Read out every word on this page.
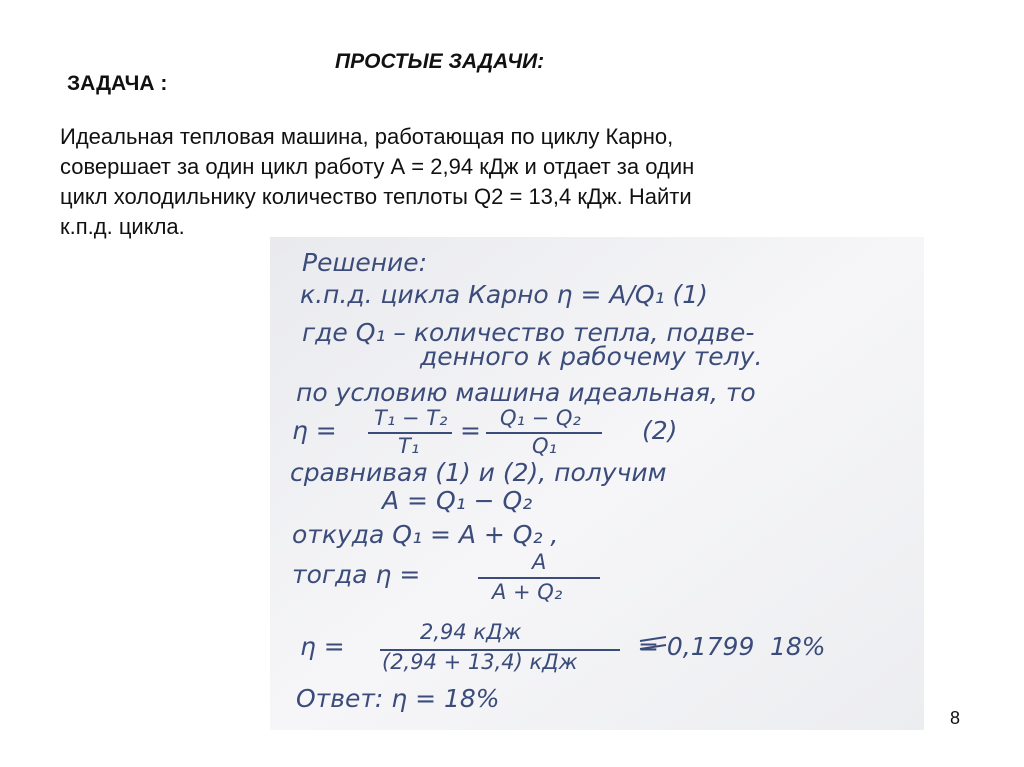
ПРОСТЫЕ ЗАДАЧИ:
ЗАДАЧА :
Идеальная тепловая машина, работающая по циклу Карно,
совершает за один цикл работу А = 2,94 кДж и отдает за один
цикл холодильнику количество теплоты Q2 = 13,4 кДж. Найти
к.п.д. цикла.
Решение:
к.п.д. цикла Карно η = A/Q₁ (1)
где Q₁ – количество тепла, подве-
денного к рабочему телу.
по условию машина идеальная, то
η = T₁ − T₂
T₁
= Q₁ − Q₂
Q₁
(2)
сравнивая (1) и (2), получим
A = Q₁ − Q₂
откуда Q₁ = A + Q₂ ,
тогда η =	A
A + Q₂
η =	2,94 кДж
(2,94 + 13,4) кДж
= 0,1799 18%
Ответ: η = 18%
8
